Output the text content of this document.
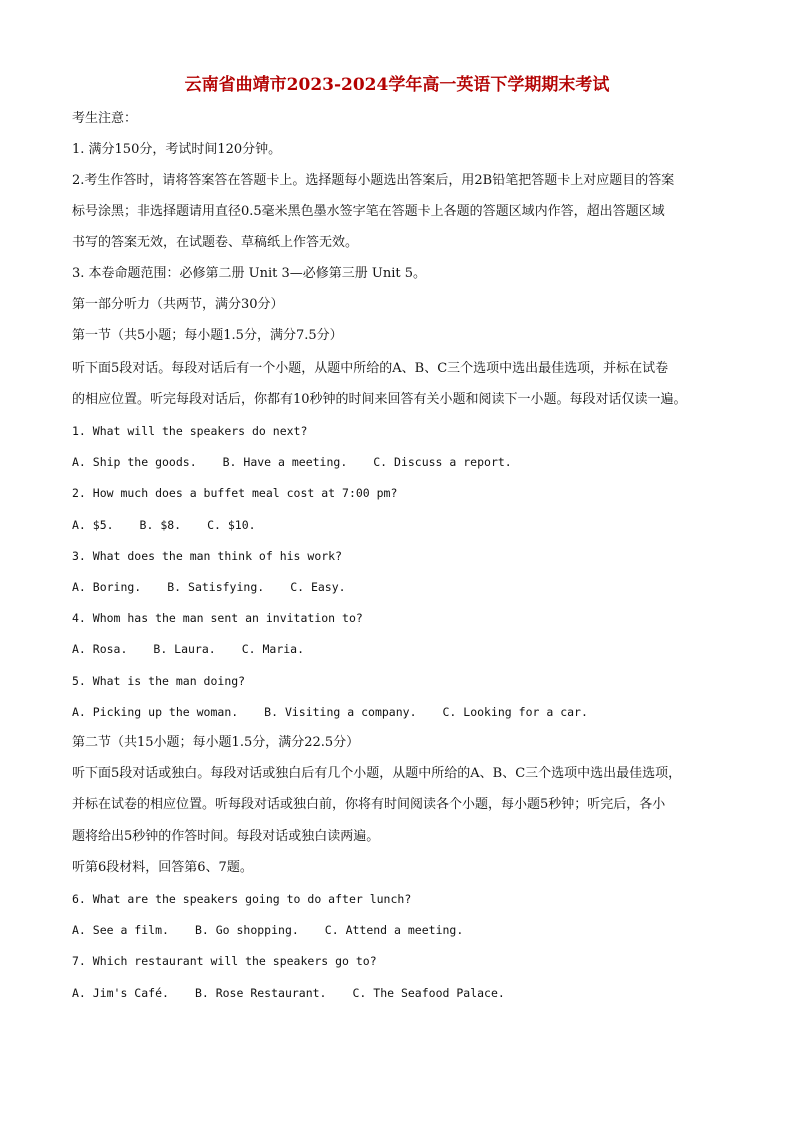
云南省曲靖市2023-2024学年高一英语下学期期末考试
考生注意：
1. 满分150分，考试时间120分钟。
2.考生作答时，请将答案答在答题卡上。选择题每小题选出答案后，用2B铅笔把答题卡上对应题目的答案
标号涂黑；非选择题请用直径0.5毫米黑色墨水签字笔在答题卡上各题的答题区域内作答，超出答题区域
书写的答案无效，在试题卷、草稿纸上作答无效。
3. 本卷命题范围：必修第二册 Unit 3—必修第三册 Unit 5。
第一部分听力（共两节，满分30分）
第一节（共5小题；每小题1.5分，满分7.5分）
听下面5段对话。每段对话后有一个小题，从题中所给的A、B、C三个选项中选出最佳选项，并标在试卷
的相应位置。听完每段对话后，你都有10秒钟的时间来回答有关小题和阅读下一小题。每段对话仅读一遍。
1. What will the speakers do next?
A. Ship the goods. B. Have a meeting. C. Discuss a report.
2. How much does a buffet meal cost at 7:00 pm?
A. $5. B. $8. C. $10.
3. What does the man think of his work?
A. Boring. B. Satisfying. C. Easy.
4. Whom has the man sent an invitation to?
A. Rosa. B. Laura. C. Maria.
5. What is the man doing?
A. Picking up the woman. B. Visiting a company. C. Looking for a car.
第二节（共15小题；每小题1.5分，满分22.5分）
听下面5段对话或独白。每段对话或独白后有几个小题，从题中所给的A、B、C三个选项中选出最佳选项，
并标在试卷的相应位置。听每段对话或独白前，你将有时间阅读各个小题，每小题5秒钟；听完后，各小
题将给出5秒钟的作答时间。每段对话或独白读两遍。
听第6段材料，回答第6、7题。
6. What are the speakers going to do after lunch?
A. See a film. B. Go shopping. C. Attend a meeting.
7. Which restaurant will the speakers go to?
A. Jim's Café. B. Rose Restaurant. C. The Seafood Palace.
